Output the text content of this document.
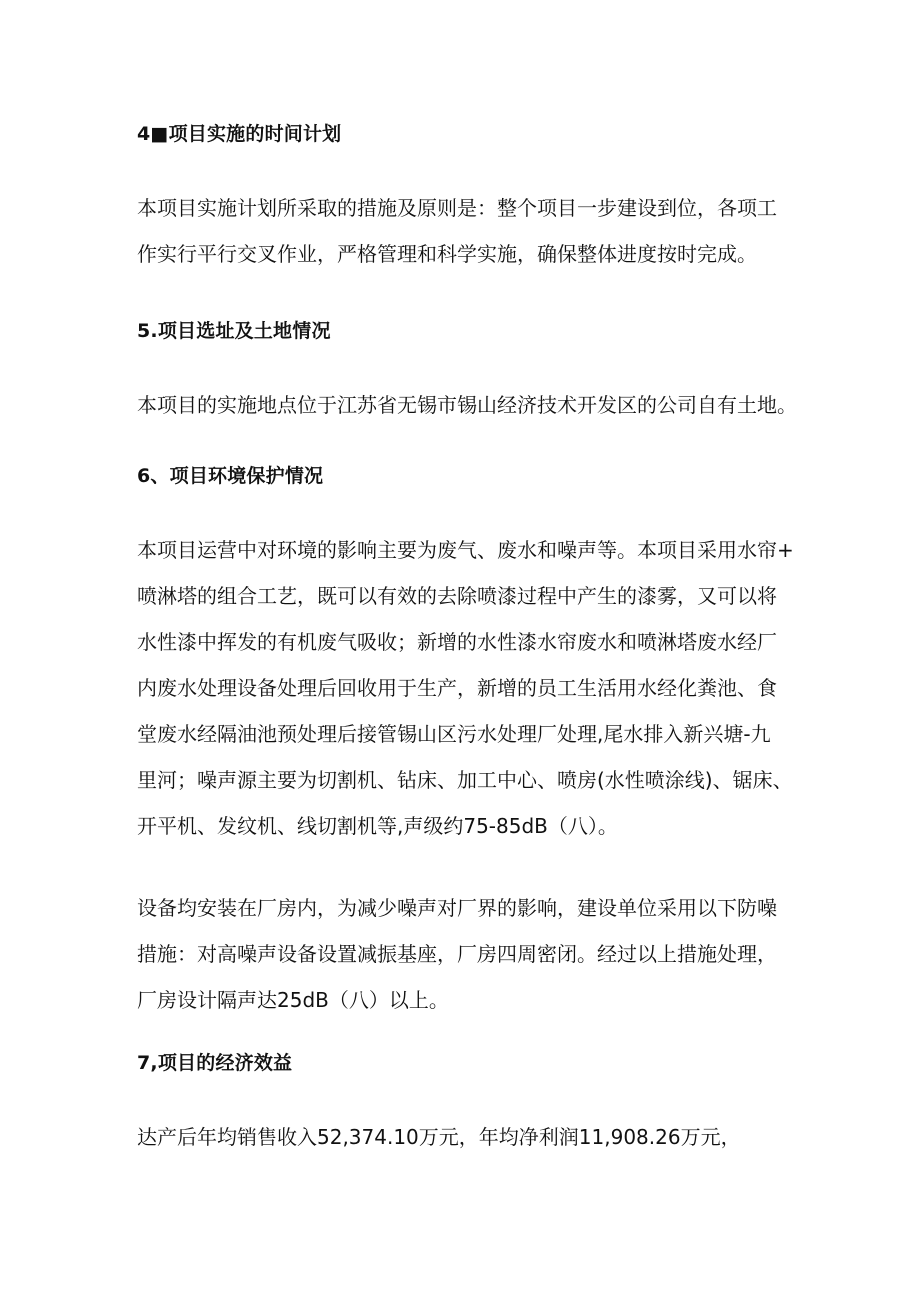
4■项目实施的时间计划
本项目实施计划所采取的措施及原则是：整个项目一步建设到位，各项工
作实行平行交叉作业，严格管理和科学实施，确保整体进度按时完成。
5.项目选址及土地情况
本项目的实施地点位于江苏省无锡市锡山经济技术开发区的公司自有土地。
6、项目环境保护情况
本项目运营中对环境的影响主要为废气、废水和噪声等。本项目采用水帘+
喷淋塔的组合工艺，既可以有效的去除喷漆过程中产生的漆雾，又可以将
水性漆中挥发的有机废气吸收；新增的水性漆水帘废水和喷淋塔废水经厂
内废水处理设备处理后回收用于生产，新增的员工生活用水经化粪池、食
堂废水经隔油池预处理后接管锡山区污水处理厂处理,尾水排入新兴塘-九
里河；噪声源主要为切割机、钻床、加工中心、喷房(水性喷涂线)、锯床、
开平机、发纹机、线切割机等,声级约75-85dB（八）。
设备均安装在厂房内，为减少噪声对厂界的影响，建设单位采用以下防噪
措施：对高噪声设备设置减振基座，厂房四周密闭。经过以上措施处理，
厂房设计隔声达25dB（八）以上。
7,项目的经济效益
达产后年均销售收入52,374.10万元，年均净利润11,908.26万元，
